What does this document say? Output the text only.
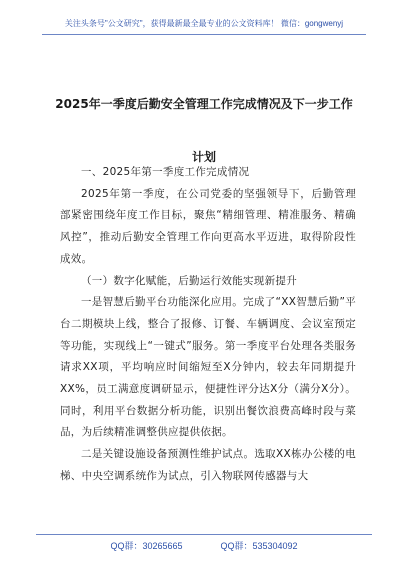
关注头条号"公文研究"，获得最新最全最专业的公文资料库！ 微信：gongwenyj
2025年一季度后勤安全管理工作完成情况及下一步工作计划

一、2025年第一季度工作完成情况

2025年第一季度，在公司党委的坚强领导下，后勤管理部紧密围绕年度工作目标，聚焦“精细管理、精准服务、精确风控”，推动后勤安全管理工作向更高水平迈进，取得阶段性成效。

（一）数字化赋能，后勤运行效能实现新提升

一是智慧后勤平台功能深化应用。完成了“XX智慧后勤”平台二期模块上线，整合了报修、订餐、车辆调度、会议室预定等功能，实现线上“一键式”服务。第一季度平台处理各类服务请求XX项，平均响应时间缩短至X分钟内，较去年同期提升XX%，员工满意度调研显示，便捷性评分达X分（满分X分）。同时，利用平台数据分析功能，识别出餐饮浪费高峰时段与菜品，为后续精准调整供应提供依据。

二是关键设施设备预测性维护试点。选取XX栋办公楼的电梯、中央空调系统作为试点，引入物联网传感器与大

QQ群：30265665	QQ群：535304092
